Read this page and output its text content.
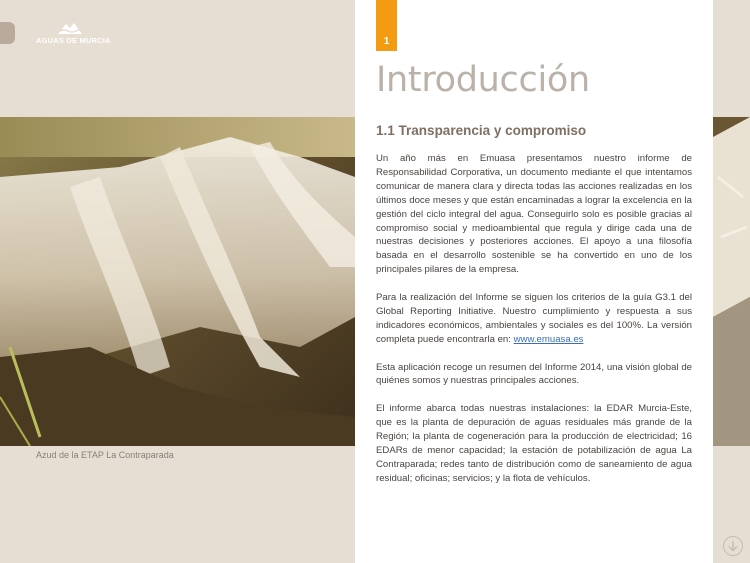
AGUAS DE MURCIA
Azud de la ETAP La Contraparada
1
Introducción
1.1 Transparencia y compromiso

Un año más en Emuasa presentamos nuestro informe de Responsabilidad Corporativa, un documento mediante el que intentamos comunicar de manera clara y directa todas las acciones realizadas en los últimos doce meses y que están encaminadas a lograr la excelencia en la gestión del ciclo integral del agua. Conseguirlo solo es posible gracias al compromiso social y medioambiental que regula y dirige cada una de nuestras decisiones y posteriores acciones. El apoyo a una filosofía basada en el desarrollo sostenible se ha convertido en uno de los principales pilares de la empresa.

Para la realización del Informe se siguen los criterios de la guía G3.1 del Global Reporting Initiative. Nuestro cumplimiento y respuesta a sus indicadores económicos, ambientales y sociales es del 100%. La versión completa puede encontrarla en: www.emuasa.es

Esta aplicación recoge un resumen del Informe 2014, una visión global de quiénes somos y nuestras principales acciones.

El informe abarca todas nuestras instalaciones: la EDAR Murcia-Este, que es la planta de depuración de aguas residuales más grande de la Región; la planta de cogeneración para la producción de electricidad; 16 EDARs de menor capacidad; la estación de potabilización de agua La Contraparada; redes tanto de distribución como de saneamiento de agua residual; oficinas; servicios; y la flota de vehículos.
